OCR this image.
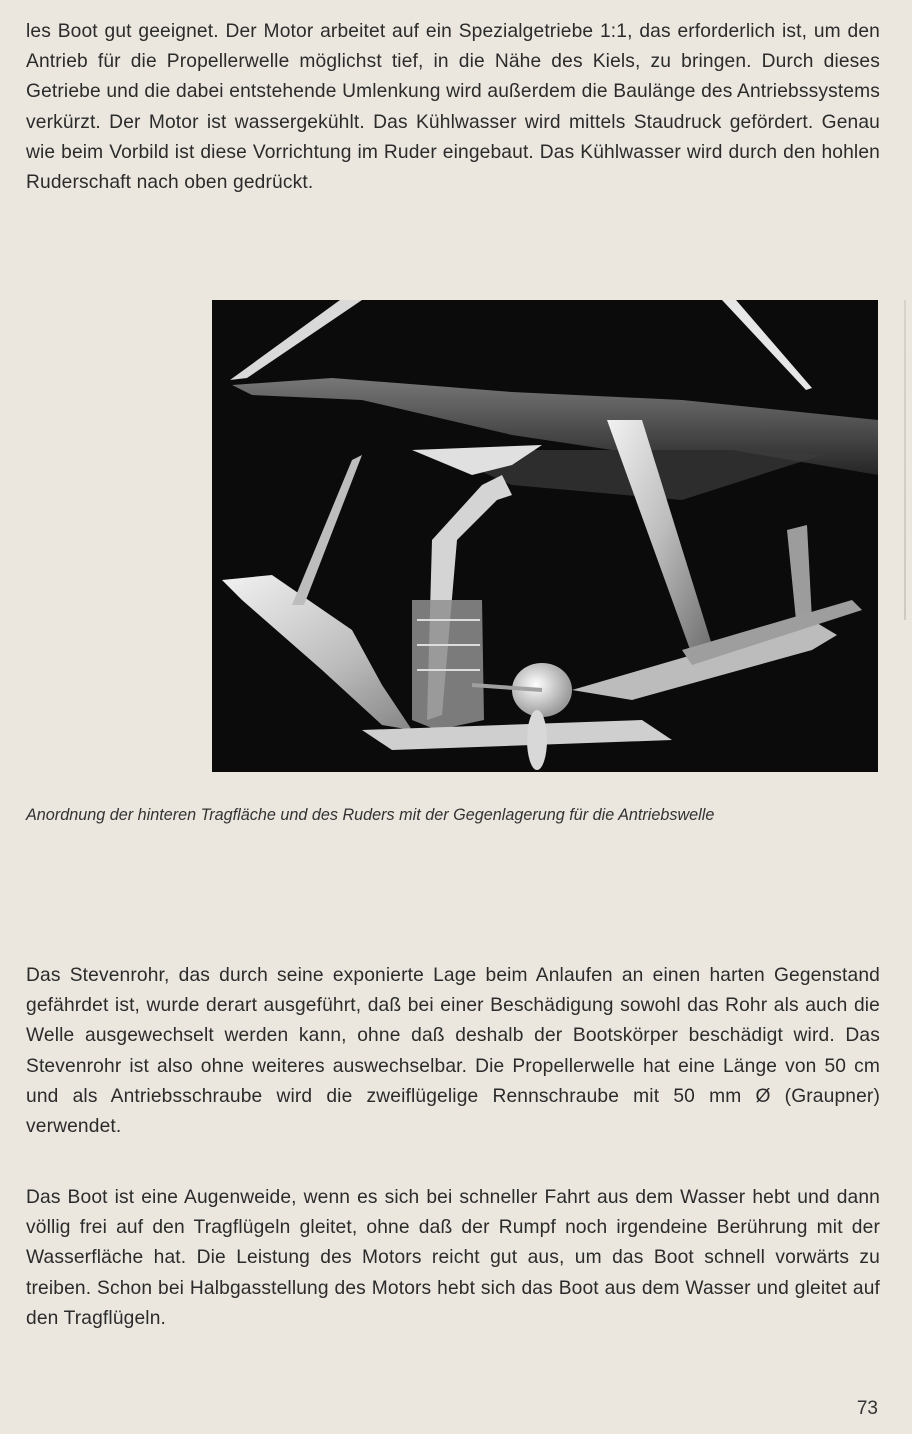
les Boot gut geeignet. Der Motor arbeitet auf ein Spezialgetriebe 1:1, das erforderlich ist, um den Antrieb für die Propellerwelle möglichst tief, in die Nähe des Kiels, zu bringen. Durch dieses Getriebe und die dabei entstehende Umlenkung wird außerdem die Baulänge des Antriebssystems verkürzt. Der Motor ist wassergekühlt. Das Kühlwasser wird mittels Staudruck gefördert. Genau wie beim Vorbild ist diese Vorrichtung im Ruder eingebaut. Das Kühlwasser wird durch den hohlen Ruderschaft nach oben gedrückt.

Anordnung der hinteren Tragfläche und des Ruders mit der Gegenlagerung für die Antriebswelle

Das Stevenrohr, das durch seine exponierte Lage beim Anlaufen an einen harten Gegenstand gefährdet ist, wurde derart ausgeführt, daß bei einer Beschädigung sowohl das Rohr als auch die Welle ausgewechselt werden kann, ohne daß deshalb der Bootskörper beschädigt wird. Das Stevenrohr ist also ohne weiteres auswechselbar. Die Propellerwelle hat eine Länge von 50 cm und als Antriebsschraube wird die zweiflügelige Rennschraube mit 50 mm Ø (Graupner) verwendet.

Das Boot ist eine Augenweide, wenn es sich bei schneller Fahrt aus dem Wasser hebt und dann völlig frei auf den Tragflügeln gleitet, ohne daß der Rumpf noch irgendeine Berührung mit der Wasserfläche hat. Die Leistung des Motors reicht gut aus, um das Boot schnell vorwärts zu treiben. Schon bei Halbgasstellung des Motors hebt sich das Boot aus dem Wasser und gleitet auf den Tragflügeln.

73
